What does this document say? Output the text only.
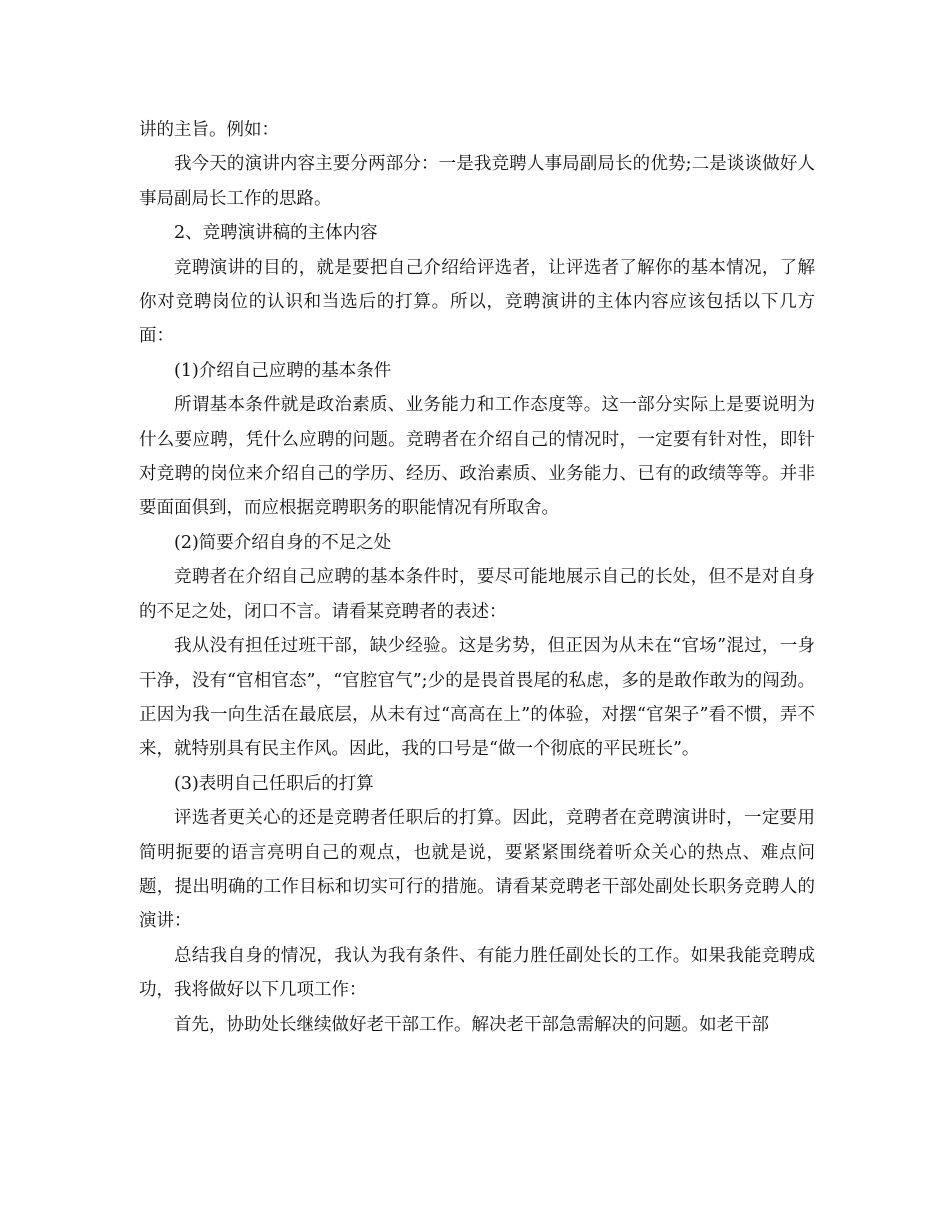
讲的主旨。例如：

我今天的演讲内容主要分两部分：一是我竞聘人事局副局长的优势;二是谈谈做好人事局副局长工作的思路。

2、竞聘演讲稿的主体内容

竞聘演讲的目的，就是要把自己介绍给评选者，让评选者了解你的基本情况，了解你对竞聘岗位的认识和当选后的打算。所以，竞聘演讲的主体内容应该包括以下几方面：

(1)介绍自己应聘的基本条件

所谓基本条件就是政治素质、业务能力和工作态度等。这一部分实际上是要说明为什么要应聘，凭什么应聘的问题。竞聘者在介绍自己的情况时，一定要有针对性，即针对竞聘的岗位来介绍自己的学历、经历、政治素质、业务能力、已有的政绩等等。并非要面面俱到，而应根据竞聘职务的职能情况有所取舍。

(2)简要介绍自身的不足之处

竞聘者在介绍自己应聘的基本条件时，要尽可能地展示自己的长处，但不是对自身的不足之处，闭口不言。请看某竞聘者的表述：

我从没有担任过班干部，缺少经验。这是劣势，但正因为从未在“官场”混过，一身干净，没有“官相官态”，“官腔官气”;少的是畏首畏尾的私虑，多的是敢作敢为的闯劲。正因为我一向生活在最底层，从未有过“高高在上”的体验，对摆“官架子”看不惯，弄不来，就特别具有民主作风。因此，我的口号是“做一个彻底的平民班长”。

(3)表明自己任职后的打算

评选者更关心的还是竞聘者任职后的打算。因此，竞聘者在竞聘演讲时，一定要用简明扼要的语言亮明自己的观点，也就是说，要紧紧围绕着听众关心的热点、难点问题，提出明确的工作目标和切实可行的措施。请看某竞聘老干部处副处长职务竞聘人的演讲：

总结我自身的情况，我认为我有条件、有能力胜任副处长的工作。如果我能竞聘成功，我将做好以下几项工作：

首先，协助处长继续做好老干部工作。解决老干部急需解决的问题。如老干部
